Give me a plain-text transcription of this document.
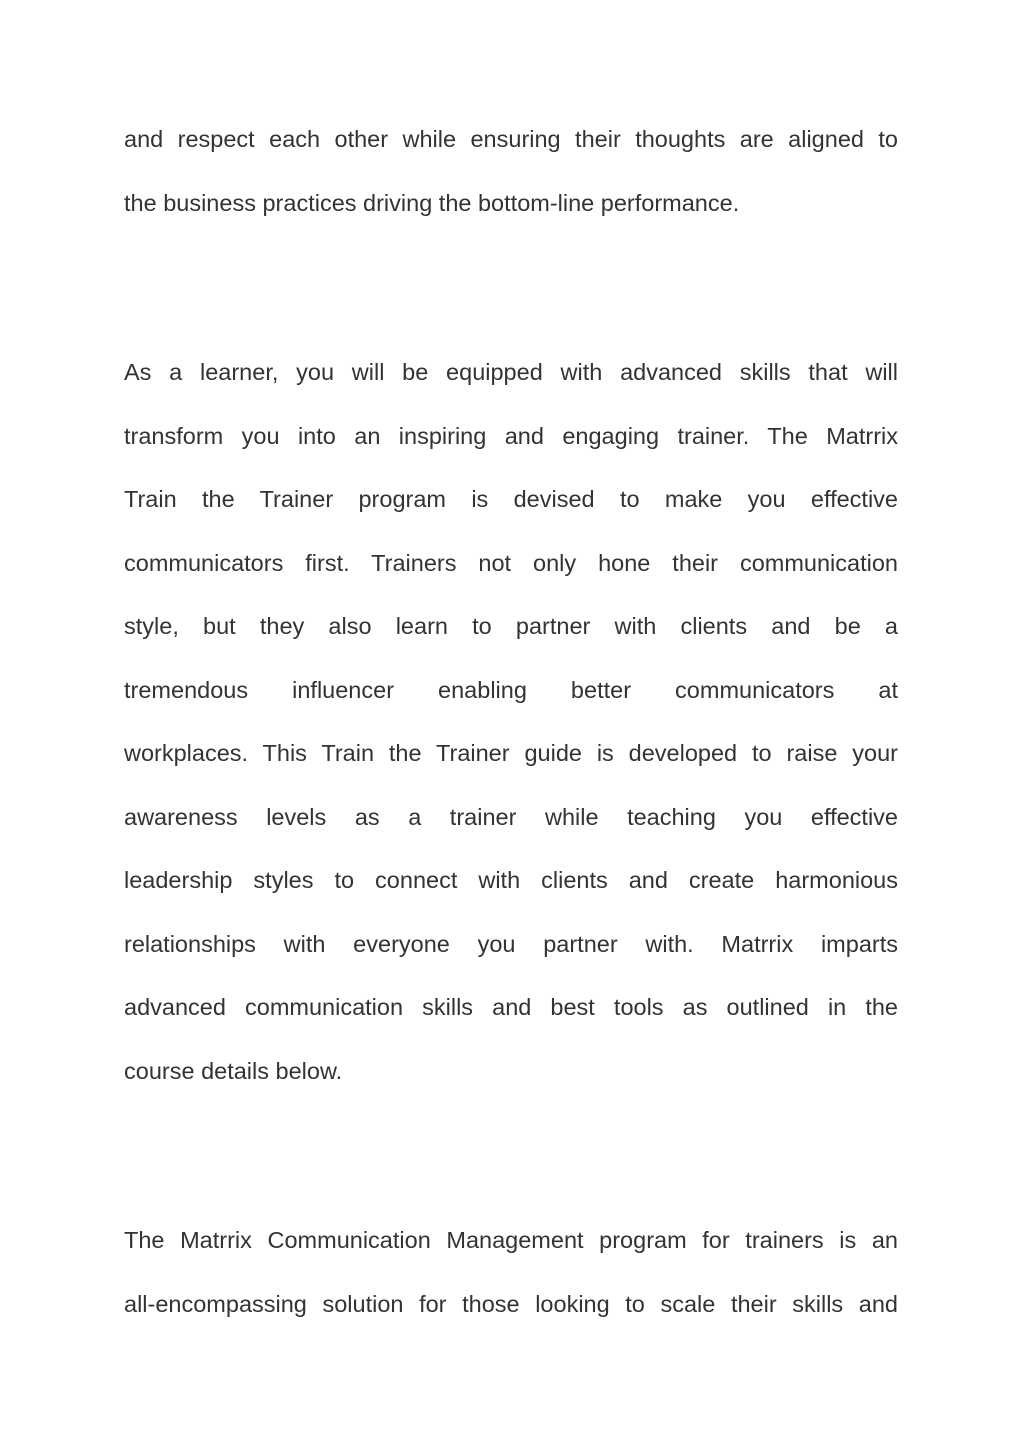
and respect each other while ensuring their thoughts are aligned to
the business practices driving the bottom-line performance.
As a learner, you will be equipped with advanced skills that will
transform you into an inspiring and engaging trainer. The Matrrix
Train the Trainer program is devised to make you effective
communicators first. Trainers not only hone their communication
style, but they also learn to partner with clients and be a
tremendous influencer enabling better communicators at
workplaces. This Train the Trainer guide is developed to raise your
awareness levels as a trainer while teaching you effective
leadership styles to connect with clients and create harmonious
relationships with everyone you partner with. Matrrix imparts
advanced communication skills and best tools as outlined in the
course details below.
The Matrrix Communication Management program for trainers is an
all-encompassing solution for those looking to scale their skills and
